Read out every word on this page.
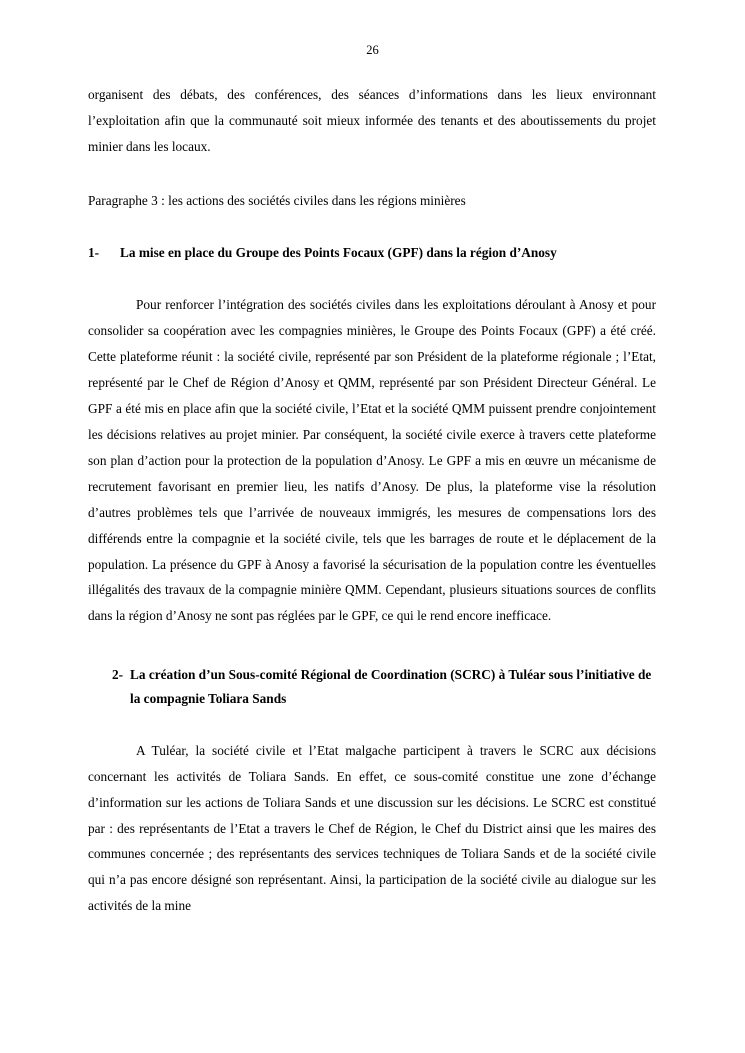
26

organisent des débats, des conférences, des séances d’informations dans les lieux environnant l’exploitation afin que la communauté soit mieux informée des tenants et des aboutissements du projet minier dans les locaux.

Paragraphe 3 : les actions des sociétés civiles dans les régions minières

1- La mise en place du Groupe des Points Focaux (GPF) dans la région d’Anosy

Pour renforcer l’intégration des sociétés civiles dans les exploitations déroulant à Anosy et pour consolider sa coopération avec les compagnies minières, le Groupe des Points Focaux (GPF) a été créé. Cette plateforme réunit : la société civile, représenté par son Président de la plateforme régionale ; l’Etat, représenté par le Chef de Région d’Anosy et QMM, représenté par son Président Directeur Général. Le GPF a été mis en place afin que la société civile, l’Etat et la société QMM puissent prendre conjointement les décisions relatives au projet minier. Par conséquent, la société civile exerce à travers cette plateforme son plan d’action pour la protection de la population d’Anosy. Le GPF a mis en œuvre un mécanisme de recrutement favorisant en premier lieu, les natifs d’Anosy. De plus, la plateforme vise la résolution d’autres problèmes tels que l’arrivée de nouveaux immigrés, les mesures de compensations lors des différends entre la compagnie et la société civile, tels que les barrages de route et le déplacement de la population. La présence du GPF à Anosy a favorisé la sécurisation de la population contre les éventuelles illégalités des travaux de la compagnie minière QMM. Cependant, plusieurs situations sources de conflits dans la région d’Anosy ne sont pas réglées par le GPF, ce qui le rend encore inefficace.

2- La création d’un Sous-comité Régional de Coordination (SCRC) à Tuléar sous l’initiative de la compagnie Toliara Sands

A Tuléar, la société civile et l’Etat malgache participent à travers le SCRC aux décisions concernant les activités de Toliara Sands. En effet, ce sous-comité constitue une zone d’échange d’information sur les actions de Toliara Sands et une discussion sur les décisions. Le SCRC est constitué par : des représentants de l’Etat a travers le Chef de Région, le Chef du District ainsi que les maires des communes concernée ; des représentants des services techniques de Toliara Sands et de la société civile qui n’a pas encore désigné son représentant. Ainsi, la participation de la société civile au dialogue sur les activités de la mine
